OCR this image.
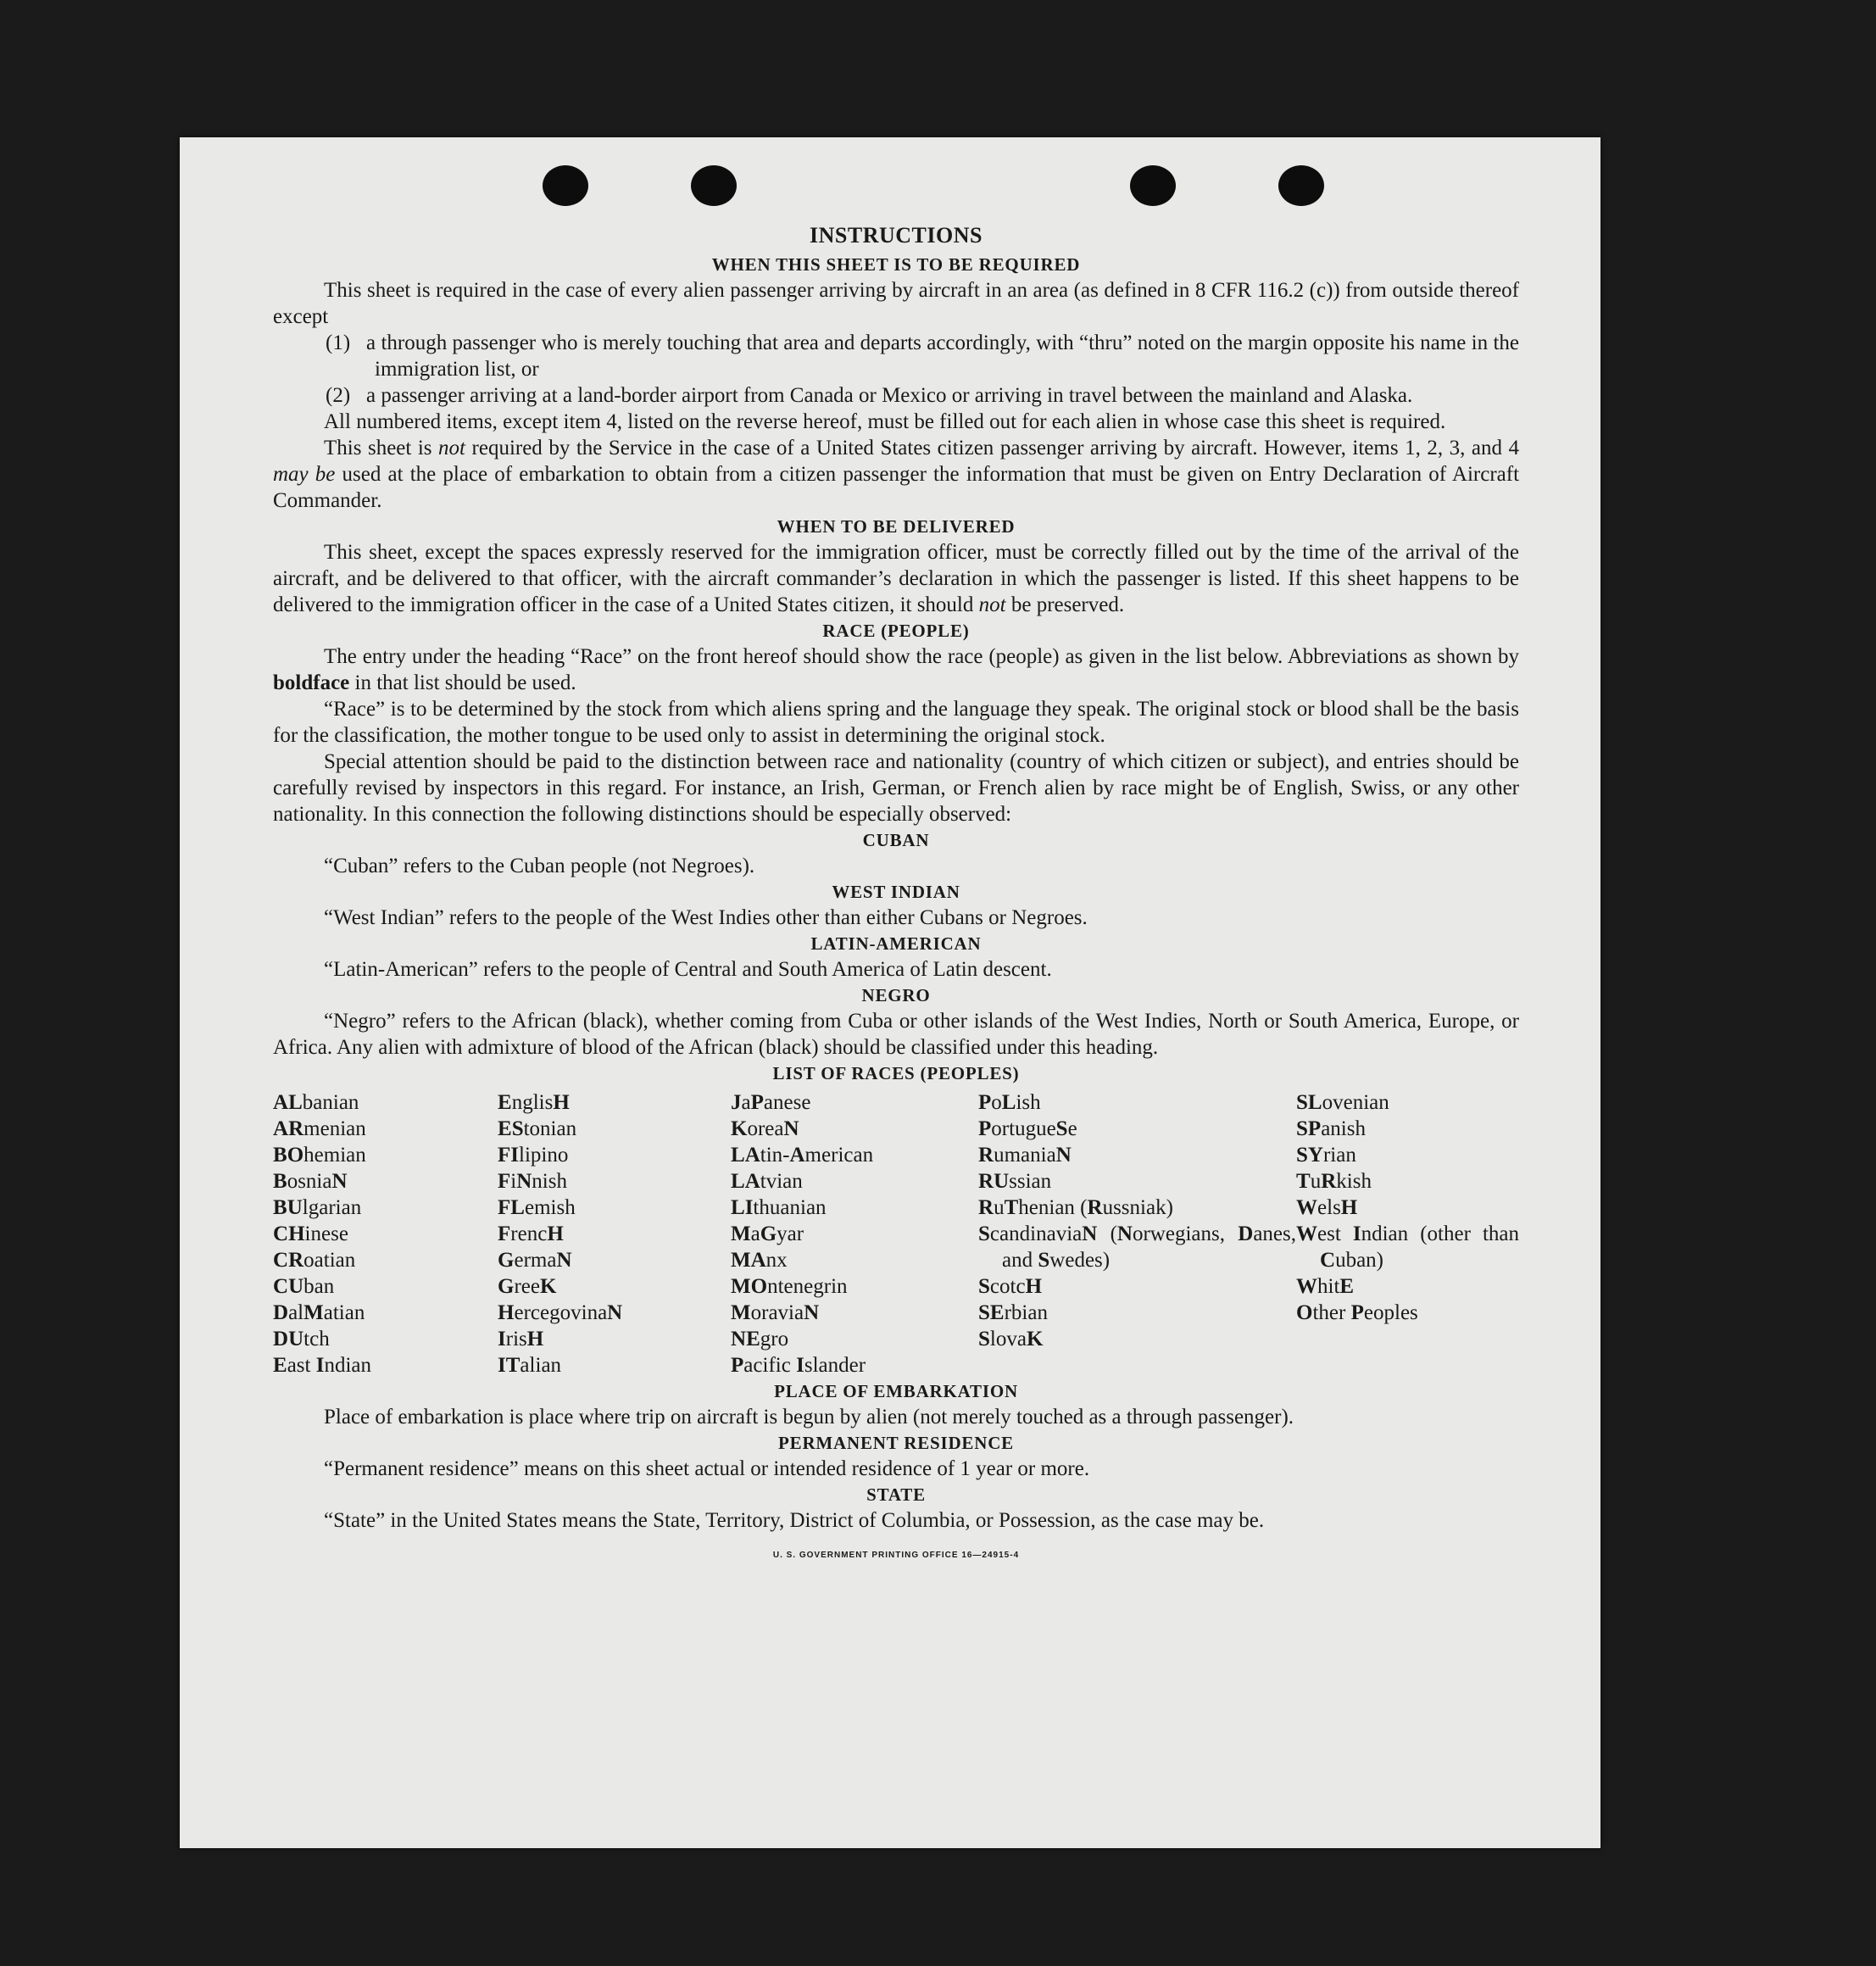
INSTRUCTIONS
WHEN THIS SHEET IS TO BE REQUIRED

This sheet is required in the case of every alien passenger arriving by aircraft in an area (as defined in 8 CFR 116.2 (c)) from outside thereof except

(1) a through passenger who is merely touching that area and departs accordingly, with “thru” noted on the margin opposite his name in the immigration list, or

(2) a passenger arriving at a land-border airport from Canada or Mexico or arriving in travel between the mainland and Alaska.

All numbered items, except item 4, listed on the reverse hereof, must be filled out for each alien in whose case this sheet is required.

This sheet is not required by the Service in the case of a United States citizen passenger arriving by aircraft. However, items 1, 2, 3, and 4 may be used at the place of embarkation to obtain from a citizen passenger the information that must be given on Entry Declaration of Aircraft Commander.

WHEN TO BE DELIVERED

This sheet, except the spaces expressly reserved for the immigration officer, must be correctly filled out by the time of the arrival of the aircraft, and be delivered to that officer, with the aircraft commander’s declaration in which the passenger is listed. If this sheet happens to be delivered to the immigration officer in the case of a United States citizen, it should not be preserved.

RACE (PEOPLE)

The entry under the heading “Race” on the front hereof should show the race (people) as given in the list below. Abbreviations as shown by boldface in that list should be used.

“Race” is to be determined by the stock from which aliens spring and the language they speak. The original stock or blood shall be the basis for the classification, the mother tongue to be used only to assist in determining the original stock.

Special attention should be paid to the distinction between race and nationality (country of which citizen or subject), and entries should be carefully revised by inspectors in this regard. For instance, an Irish, German, or French alien by race might be of English, Swiss, or any other nationality. In this connection the following distinctions should be especially observed:

CUBAN

“Cuban” refers to the Cuban people (not Negroes).

WEST INDIAN

“West Indian” refers to the people of the West Indies other than either Cubans or Negroes.

LATIN-AMERICAN

“Latin-American” refers to the people of Central and South America of Latin descent.

NEGRO

“Negro” refers to the African (black), whether coming from Cuba or other islands of the West Indies, North or South America, Europe, or Africa. Any alien with admixture of blood of the African (black) should be classified under this heading.

LIST OF RACES (PEOPLES)
ALbanian
ARmenian
BOhemian
BosniaN
BUlgarian
CHinese
CRoatian
CUban
DalMatian
DUtch
East Indian
EnglisH
EStonian
FIlipino
FiNnish
FLemish
FrencH
GermaN
GreeK
HercegovinaN
IrisH
ITalian
JaPanese
KoreaN
LAtin-American
LAtvian
LIthuanian
MaGyar
MAnx
MOntenegrin
MoraviaN
NEgro
Pacific Islander
PoLish
PortugueSe
RumaniaN
RUssian
RuThenian (Russniak)
ScandinaviaN (Norwegians, Danes, and Swedes)
ScotcH
SErbian
SlovaK
SLovenian
SPanish
SYrian
TuRkish
WelsH
West Indian (other than Cuban)
WhitE
Other Peoples
PLACE OF EMBARKATION

Place of embarkation is place where trip on aircraft is begun by alien (not merely touched as a through passenger).

PERMANENT RESIDENCE

“Permanent residence” means on this sheet actual or intended residence of 1 year or more.

STATE

“State” in the United States means the State, Territory, District of Columbia, or Possession, as the case may be.

U. S. GOVERNMENT PRINTING OFFICE 16—24915-4
